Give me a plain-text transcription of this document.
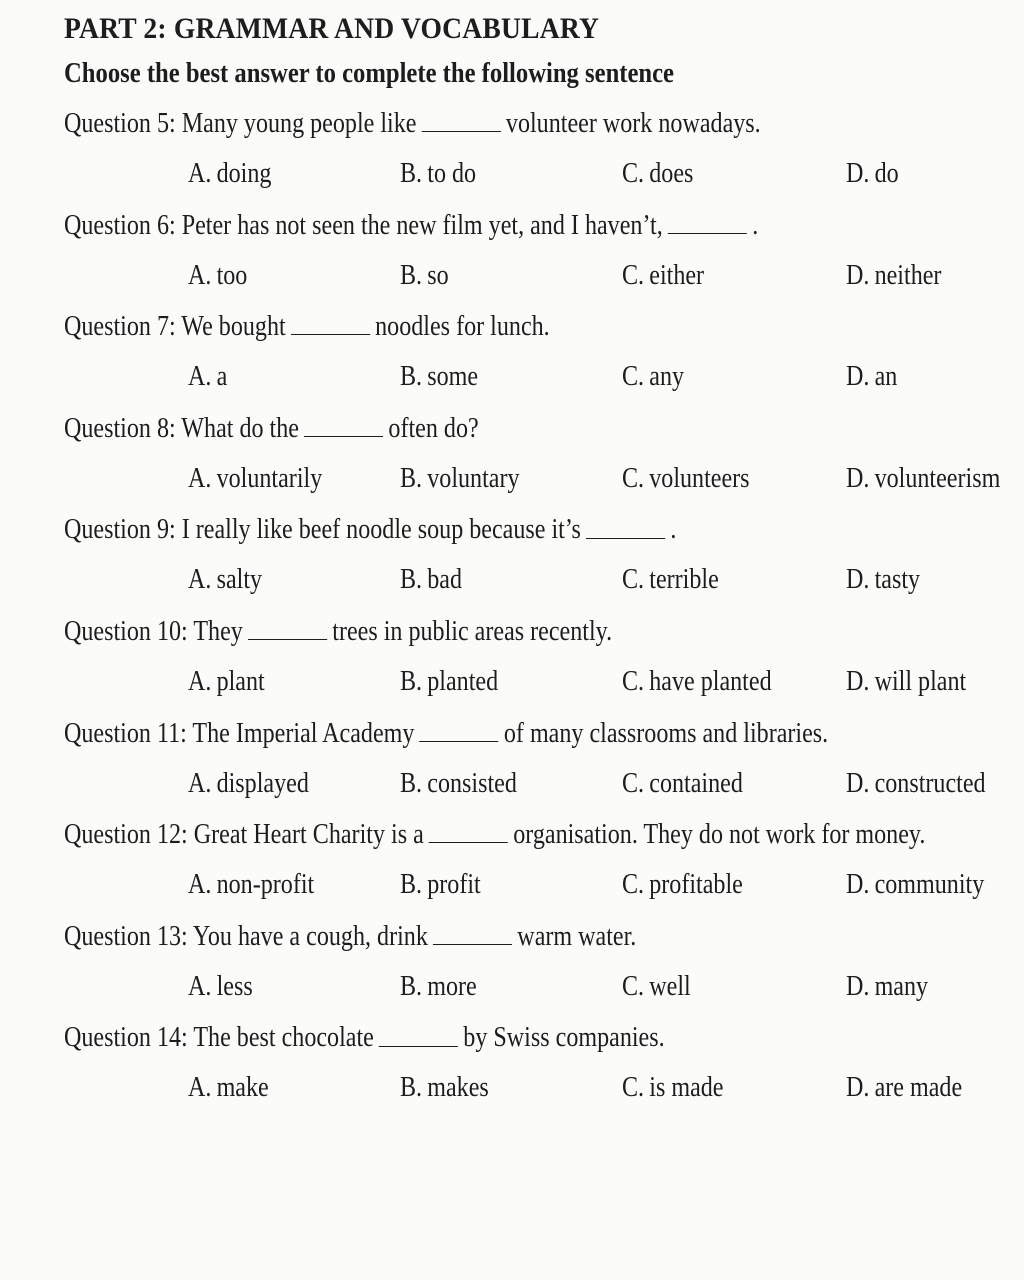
PART 2: GRAMMAR AND VOCABULARY
Choose the best answer to complete the following sentence
Question 5: Many young people like	volunteer work nowadays.
A. doing	B. to do	C. does	D. do
Question 6: Peter has not seen the new film yet, and I haven’t,	.
A. too	B. so	C. either	D. neither
Question 7: We bought	noodles for lunch.
A. a	B. some	C. any	D. an
Question 8: What do the	often do?
A. voluntarily	B. voluntary	C. volunteers	D. volunteerism
Question 9: I really like beef noodle soup because it’s	.
A. salty	B. bad	C. terrible	D. tasty
Question 10: They	trees in public areas recently.
A. plant	B. planted	C. have planted	D. will plant
Question 11: The Imperial Academy	of many classrooms and libraries.
A. displayed	B. consisted	C. contained	D. constructed
Question 12: Great Heart Charity is a	organisation. They do not work for money.
A. non-profit	B. profit	C. profitable	D. community
Question 13: You have a cough, drink	warm water.
A. less	B. more	C. well	D. many
Question 14: The best chocolate	by Swiss companies.
A. make	B. makes	C. is made	D. are made
